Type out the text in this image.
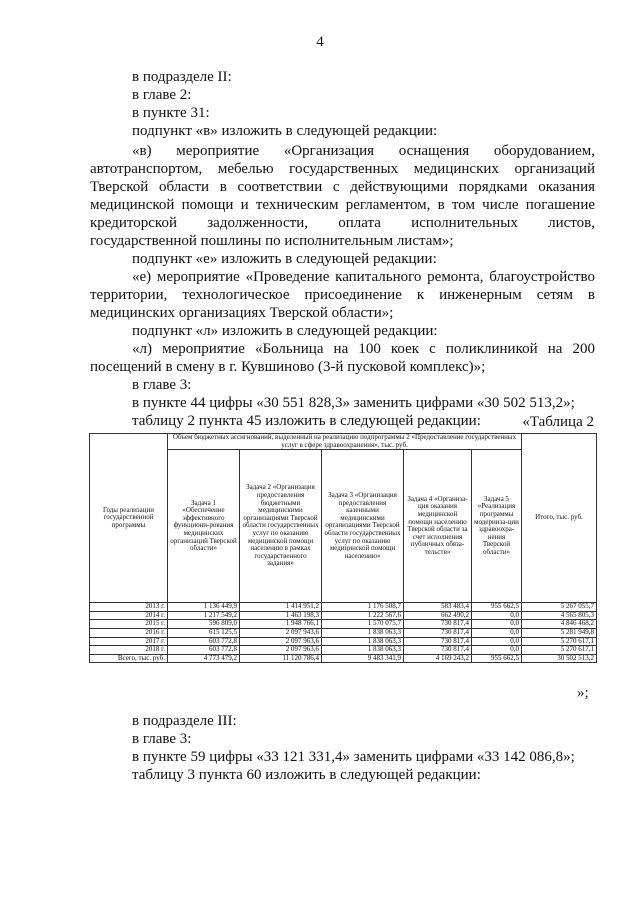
4
в подразделе II:
в главе 2:
в пункте 31:
подпункт «в» изложить в следующей редакции:
«в) мероприятие «Организация оснащения оборудованием,
автотранспортом, мебелью государственных медицинских организаций
Тверской области в соответствии с действующими порядками оказания
медицинской помощи и техническим регламентом, в том числе погашение
кредиторской задолженности, оплата исполнительных листов,
государственной пошлины по исполнительным листам»;
подпункт «е» изложить в следующей редакции:
«е) мероприятие «Проведение капитального ремонта, благоустройство
территории, технологическое присоединение к инженерным сетям в
медицинских организациях Тверской области»;
подпункт «л» изложить в следующей редакции:
«л) мероприятие «Больница на 100 коек с поликлиникой на 200
посещений в смену в г. Кувшиново (3-й пусковой комплекс)»;
в главе 3:
в пункте 44 цифры «30 551 828,3» заменить цифрами «30 502 513,2»;
таблицу 2 пункта 45 изложить в следующей редакции:	«Таблица 2
Годы реализации государственной программы	Объем бюджетных ассигнований, выделенный на реализацию подпрограммы 2 «Предоставление государственных услуг в сфере здравоохранения», тыс. руб.					Итого, тыс. руб.
	Задача 1 «Обеспечение эффективного функциони-рования медицинских организаций Тверской области»	Задача 2 «Организация предоставления бюджетными медицинскими организациями Тверской области государственных услуг по оказанию медицинской помощи населению в рамках государственного задания»	Задача 3 «Организация предоставления казенными медицинскими организациями Тверской области государственных услуг по оказанию медицинской помощи населению»	Задача 4 «Организа-ция оказания медицинской помощи населению Тверской области за счет исполнения публичных обяза-тельств»	Задача 5 «Реализация программы модерниза-ции здравоохра-нения Тверской области»	
2013 г.	1 136 449,9	1 414 951,2	1 176 508,7	583 483,4	955 662,5	5 267 055,7
2014 г.	1 217 549,2	1 463 198,3	1 222 567,6	662 490,2	0,0	4 565 805,3
2015 г.	596 809,0	1 948 766,1	1 570 075,7	730 817,4	0,0	4 846 468,2
2016 г.	615 125,5	2 097 943,6	1 838 063,3	730 817,4	0,0	5 281 949,8
2017 г.	603 772,8	2 097 963,6	1 838 063,3	730 817,4	0,0	5 270 617,1
2018 г.	603 772,8	2 097 963,6	1 838 063,3	730 817,4	0,0	5 270 617,1
Всего, тыс. руб.	4 773 479,2	11 120 786,4	9 483 341,9	4 169 243,2	955 662,5	30 502 513,2
»;
в подразделе III:
в главе 3:
в пункте 59 цифры «33 121 331,4» заменить цифрами «33 142 086,8»;
таблицу 3 пункта 60 изложить в следующей редакции:
